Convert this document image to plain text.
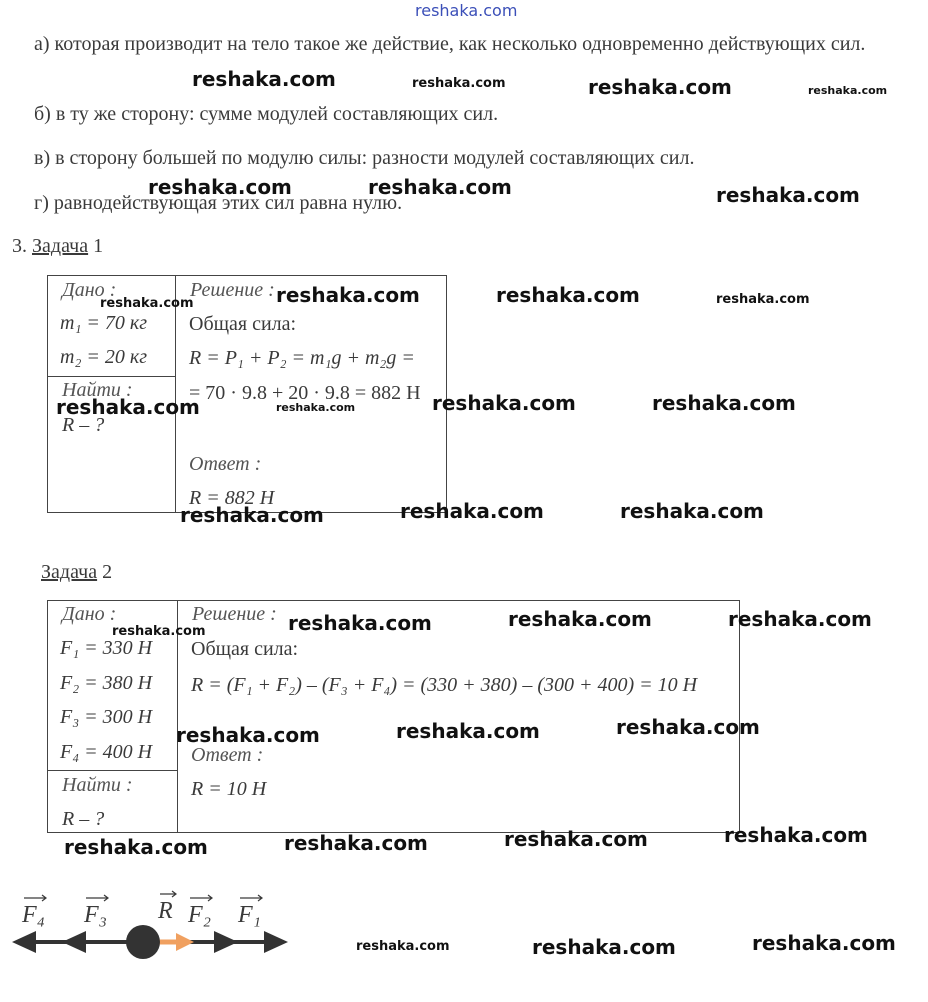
reshaka.com
а) которая производит на тело такое же действие, как несколько одновременно действующих сил.
б) в ту же сторону: сумме модулей составляющих сил.
в) в сторону большей по модулю силы: разности модулей составляющих сил.
г) равнодействующая этих сил равна нулю.
3. Задача 1
Дано :
m₁ = 70 кг
m₂ = 20 кг
Найти :
R – ?
Решение :
Общая сила:
R = P₁ + P₂ = m₁g + m₂g =
= 70 · 9.8 + 20 · 9.8 = 882 Н
Ответ :
R = 882 Н
Задача 2
Дано :
F₁ = 330 Н
F₂ = 380 Н
F₃ = 300 Н
F₄ = 400 Н
Найти :
R – ?
Решение :
Общая сила:
R = (F₁ + F₂) – (F₃ + F₄) = (330 + 380) – (300 + 400) = 10 Н
Ответ :
R = 10 Н
F₄ F₃ R F₂ F₁
reshaka.com	reshaka.com	reshaka.com	reshaka.com
reshaka.com	reshaka.com	reshaka.com
reshaka.com	reshaka.com	reshaka.com	reshaka.com
reshaka.com	reshaka.com	reshaka.com	reshaka.com
reshaka.com	reshaka.com	reshaka.com
reshaka.com	reshaka.com	reshaka.com	reshaka.com
reshaka.com	reshaka.com	reshaka.com
reshaka.com	reshaka.com	reshaka.com	reshaka.com
reshaka.com	reshaka.com	reshaka.com
